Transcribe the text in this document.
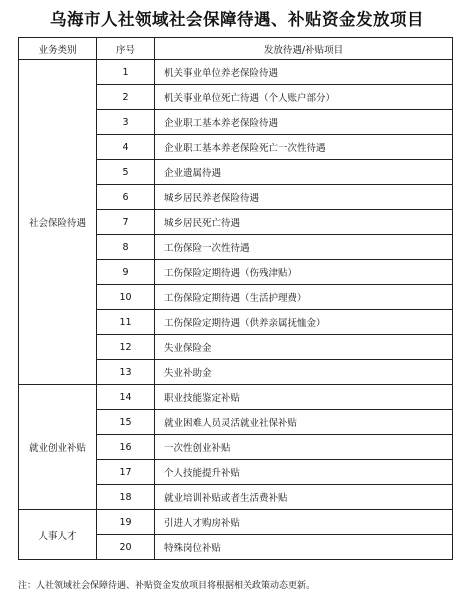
乌海市人社领域社会保障待遇、补贴资金发放项目
业务类别	序号	发放待遇/补贴项目
社会保险待遇	1	机关事业单位养老保险待遇
	2	机关事业单位死亡待遇（个人账户部分）
	3	企业职工基本养老保险待遇
	4	企业职工基本养老保险死亡一次性待遇
	5	企业遗属待遇
	6	城乡居民养老保险待遇
	7	城乡居民死亡待遇
	8	工伤保险一次性待遇
	9	工伤保险定期待遇（伤残津贴）
	10	工伤保险定期待遇（生活护理费）
	11	工伤保险定期待遇（供养亲属抚恤金）
	12	失业保险金
	13	失业补助金
就业创业补贴	14	职业技能鉴定补贴
	15	就业困难人员灵活就业社保补贴
	16	一次性创业补贴
	17	个人技能提升补贴
	18	就业培训补贴或者生活费补贴
人事人才	19	引进人才购房补贴
	20	特殊岗位补贴
注：人社领域社会保障待遇、补贴资金发放项目将根据相关政策动态更新。
